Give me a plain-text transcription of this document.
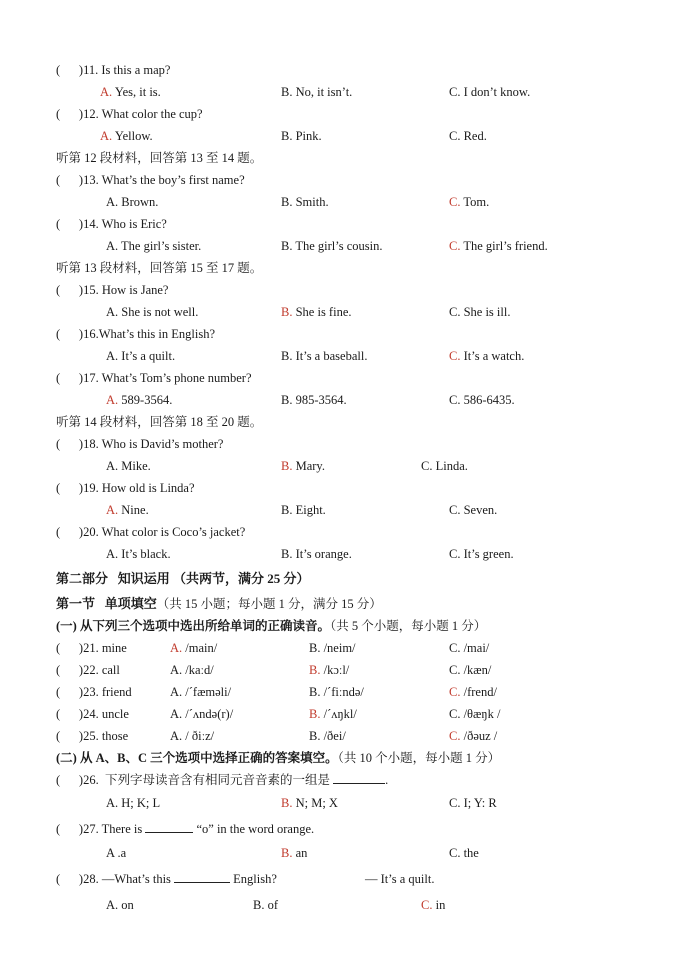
(      )11. Is this a map?
A. Yes, it is.	B. No, it isn’t.	C. I don’t know.
(      )12. What color the cup?
A. Yellow.	B. Pink.	C. Red.
听第 12 段材料，回答第 13 至 14 题。
(      )13. What’s the boy’s first name?
A. Brown.	B. Smith.	C. Tom.
(      )14. Who is Eric?
A. The girl’s sister.	B. The girl’s cousin.	C. The girl’s friend.
听第 13 段材料，回答第 15 至 17 题。
(      )15. How is Jane?
A. She is not well.	B. She is fine.	C. She is ill.
(      )16.What’s this in English?
A. It’s a quilt.	B. It’s a baseball.	C. It’s a watch.
(      )17. What’s Tom’s phone number?
A. 589-3564.	B. 985-3564.	C. 586-6435.
听第 14 段材料，回答第 18 至 20 题。
(      )18. Who is David’s mother?
A. Mike.	B. Mary.	C. Linda.
(      )19. How old is Linda?
A. Nine.	B. Eight.	C. Seven.
(      )20. What color is Coco’s jacket?
A. It’s black.	B. It’s orange.	C. It’s green.
第二部分   知识运用 （共两节，满分 25 分）
第一节   单项填空（共 15 小题；每小题 1 分，满分 15 分）
(一) 从下列三个选项中选出所给单词的正确读音。（共 5 个小题，每小题 1 分）
(      )21. mine	A. /main/	B. /neim/	C. /mai/
(      )22. call	A. /kaːd/	B. /kɔːl/	C. /kæn/
(      )23. friend	A. /ˊfæməli/	B. /ˊfiːndə/	C. /frend/
(      )24. uncle	A. /ˊʌndə(r)/	B. /ˊʌŋkl/	C. /θæŋk /
(      )25. those	A. / ðiːz/	B. /ðei/	C. /ðəuz /
(二) 从 A、B、C 三个选项中选择正确的答案填空。（共 10 个小题，每小题 1 分）
(      )26.  下列字母读音含有相同元音音素的一组是	.
A. H; K; L	B. N; M; X	C. I; Y: R
(      )27. There is	“o” in the word orange.
A .a	B. an	C. the
(      )28. —What’s this	English?	— It’s a quilt.
A. on	B. of	C. in
